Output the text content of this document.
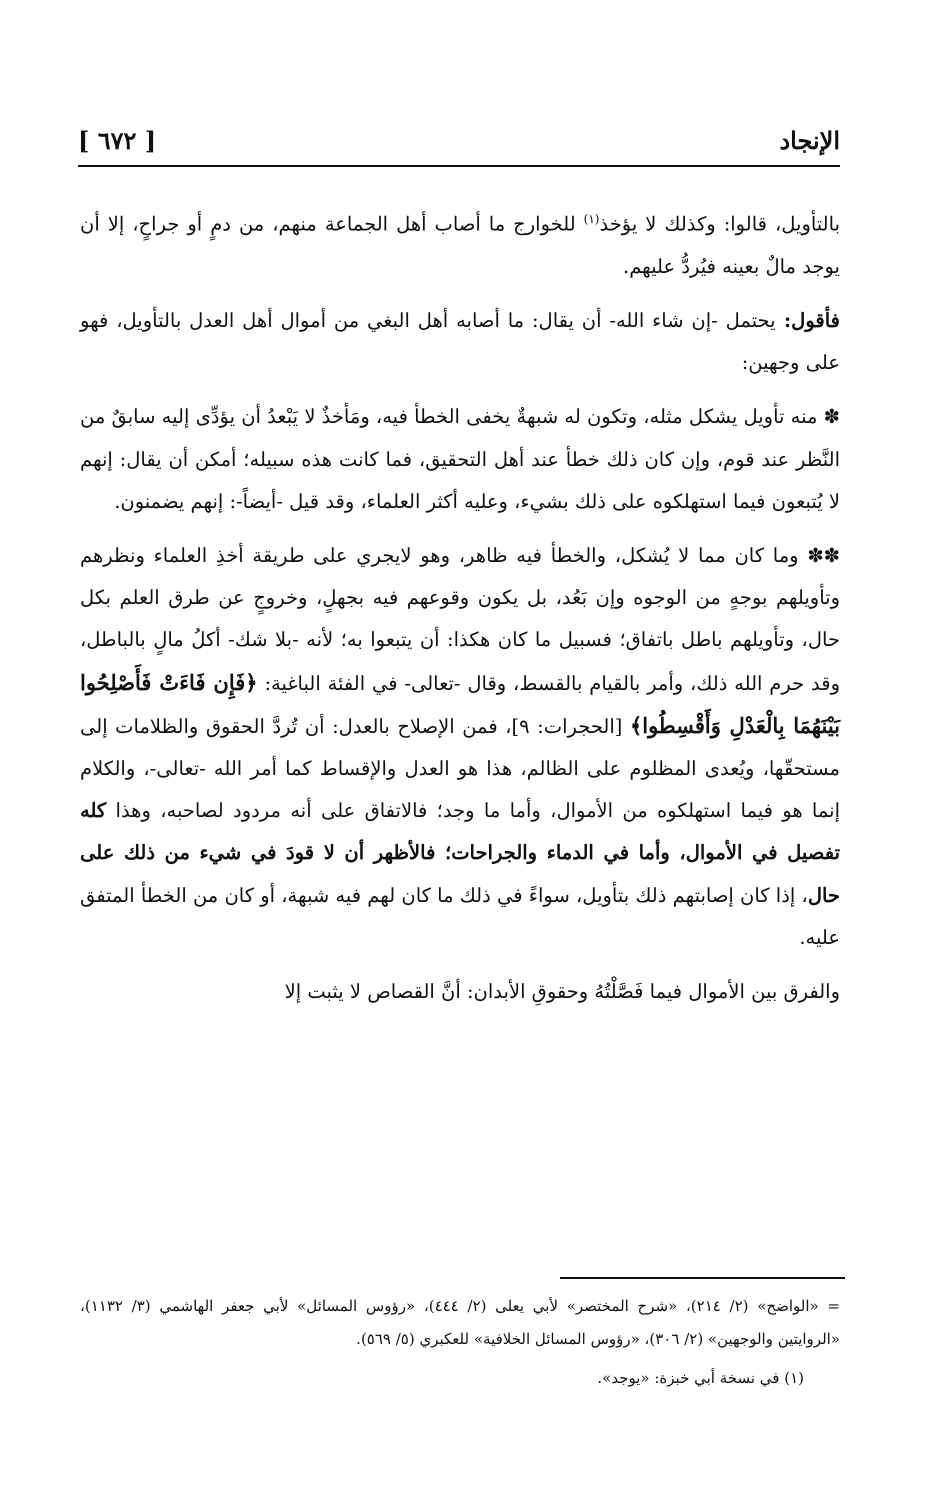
الإنجاد
[ ٦٧٢ ]

بالتأويل، قالوا: وكذلك لا يؤخذ$^{(١)}$ للخوارج ما أصاب أهل الجماعة منهم، من دمٍ أو جراحٍ، إلا أن يوجد مالٌ بعينه فيُردُّ عليهم.

فأقول: يحتمل -إن شاء الله- أن يقال: ما أصابه أهل البغي من أموال أهل العدل بالتأويل، فهو على وجهين:

✽ منه تأويل يشكل مثله، وتكون له شبهةٌ يخفى الخطأ فيه، ومَأخذٌ لا يَبْعدُ أن يؤدِّى إليه سابقٌ من النَّظر عند قوم، وإن كان ذلك خطأ عند أهل التحقيق، فما كانت هذه سبيله؛ أمكن أن يقال: إنهم لا يُتبعون فيما استهلكوه على ذلك بشيء، وعليه أكثر العلماء، وقد قيل -أيضاً-: إنهم يضمنون.

✽✽ وما كان مما لا يُشكل، والخطأ فيه ظاهر، وهو لايجري على طريقة أخذِ العلماء ونظرهم وتأويلهم بوجهٍ من الوجوه وإن بَعُد، بل يكون وقوعهم فيه بجهلٍ، وخروجٍ عن طرق العلم بكل حال، وتأويلهم باطل باتفاق؛ فسبيل ما كان هكذا: أن يتبعوا به؛ لأنه -بلا شك- أكلُ مالٍ بالباطل، وقد حرم الله ذلك، وأمر بالقيام بالقسط، وقال -تعالى- في الفئة الباغية: ﴿فَإِن فَاءَتْ فَأَصْلِحُوا بَيْنَهُمَا بِالْعَدْلِ وَأَقْسِطُوا﴾ [الحجرات: ٩]، فمن الإصلاح بالعدل: أن تُردَّ الحقوق والظلامات إلى مستحقّها، ويُعدى المظلوم على الظالم، هذا هو العدل والإقساط كما أمر الله -تعالى-، والكلام إنما هو فيما استهلكوه من الأموال، وأما ما وجد؛ فالاتفاق على أنه مردود لصاحبه، وهذا كله تفصيل في الأموال، وأما في الدماء والجراحات؛ فالأظهر أن لا قودَ في شيء من ذلك على حال، إذا كان إصابتهم ذلك بتأويل، سواءً في ذلك ما كان لهم فيه شبهة، أو كان من الخطأ المتفق عليه.

والفرق بين الأموال فيما فَصَّلْتُهُ وحقوقِ الأبدان: أنَّ القصاص لا يثبت إلا

= «الواضح» (٢/ ٢١٤)، «شرح المختصر» لأبي يعلى (٢/ ٤٤٤)، «رؤوس المسائل» لأبي جعفر الهاشمي (٣/ ١١٣٢)، «الروايتين والوجهين» (٢/ ٣٠٦)، «رؤوس المسائل الخلافية» للعكبري (٥/ ٥٦٩).

(١) في نسخة أبي خبزة: «يوجد».
